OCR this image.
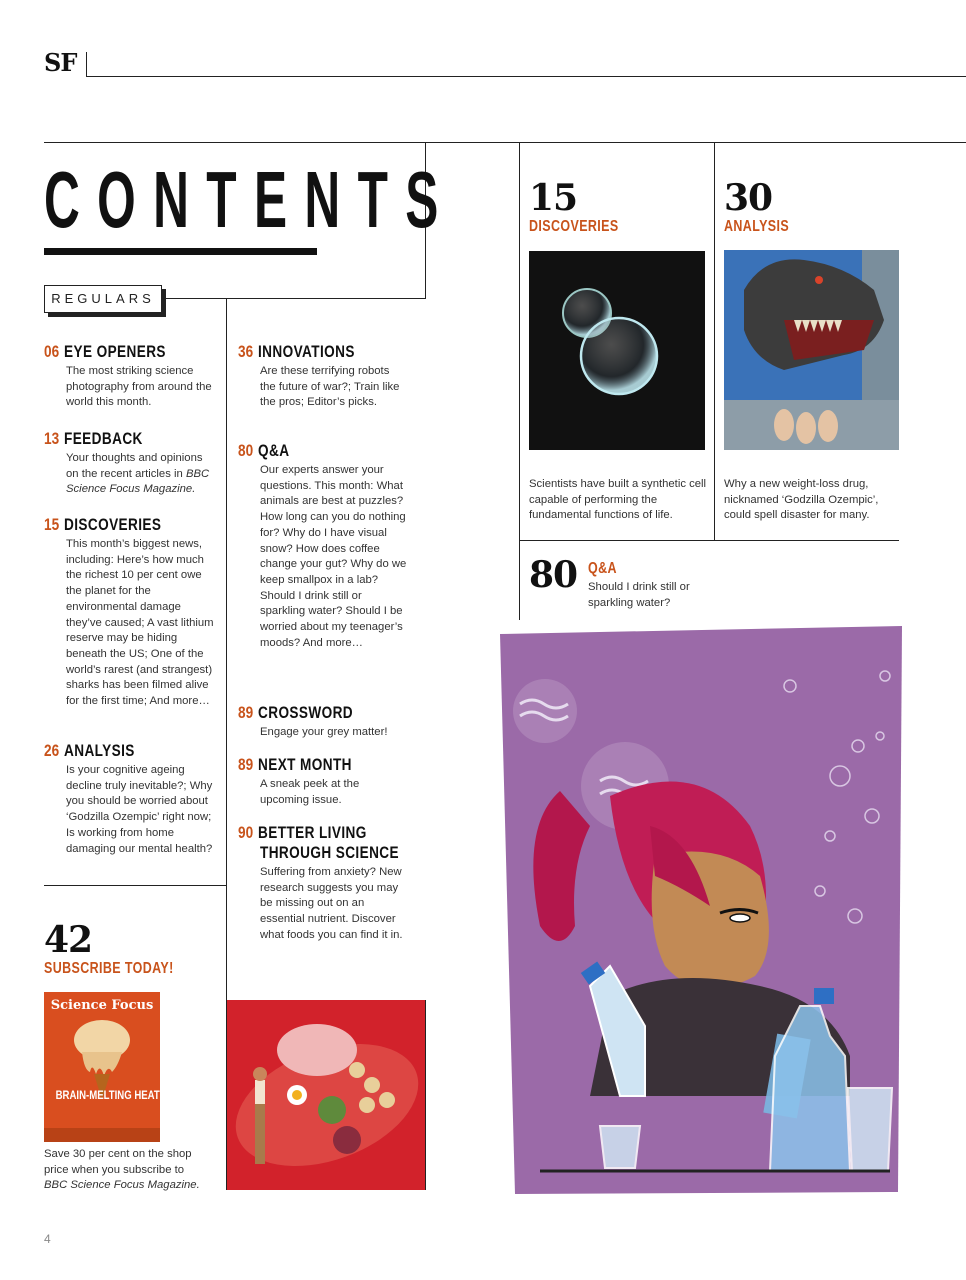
SF
CONTENTS
REGULARS
06 EYE OPENERS
The most striking science photography from around the world this month.
13 FEEDBACK
Your thoughts and opinions on the recent articles in BBC Science Focus Magazine.
15 DISCOVERIES
This month’s biggest news, including: Here’s how much the richest 10 per cent owe the planet for the environmental damage they’ve caused; A vast lithium reserve may be hiding beneath the US; One of the world’s rarest (and strangest) sharks has been filmed alive for the first time; And more…
26 ANALYSIS
Is your cognitive ageing decline truly inevitable?; Why you should be worried about ‘Godzilla Ozempic’ right now; Is working from home damaging our mental health?
36 INNOVATIONS
Are these terrifying robots the future of war?; Train like the pros; Editor’s picks.
80 Q&A
Our experts answer your questions. This month: What animals are best at puzzles? How long can you do nothing for? Why do I have visual snow? How does coffee change your gut? Why do we keep smallpox in a lab? Should I drink still or sparkling water? Should I be worried about my teenager’s moods? And more…
89 CROSSWORD
Engage your grey matter!
89 NEXT MONTH
A sneak peek at the upcoming issue.
90 BETTER LIVING
THROUGH SCIENCE
Suffering from anxiety? New research suggests you may be missing out on an essential nutrient. Discover what foods you can find it in.
42
SUBSCRIBE TODAY!
Science Focus
BRAIN-MELTING HEAT
Save 30 per cent on the shop price when you subscribe to BBC Science Focus Magazine.
15
DISCOVERIES
Scientists have built a synthetic cell capable of performing the fundamental functions of life.
30
ANALYSIS
Why a new weight-loss drug, nicknamed ‘Godzilla Ozempic’, could spell disaster for many.
80 Q&A
Should I drink still or sparkling water?
4
